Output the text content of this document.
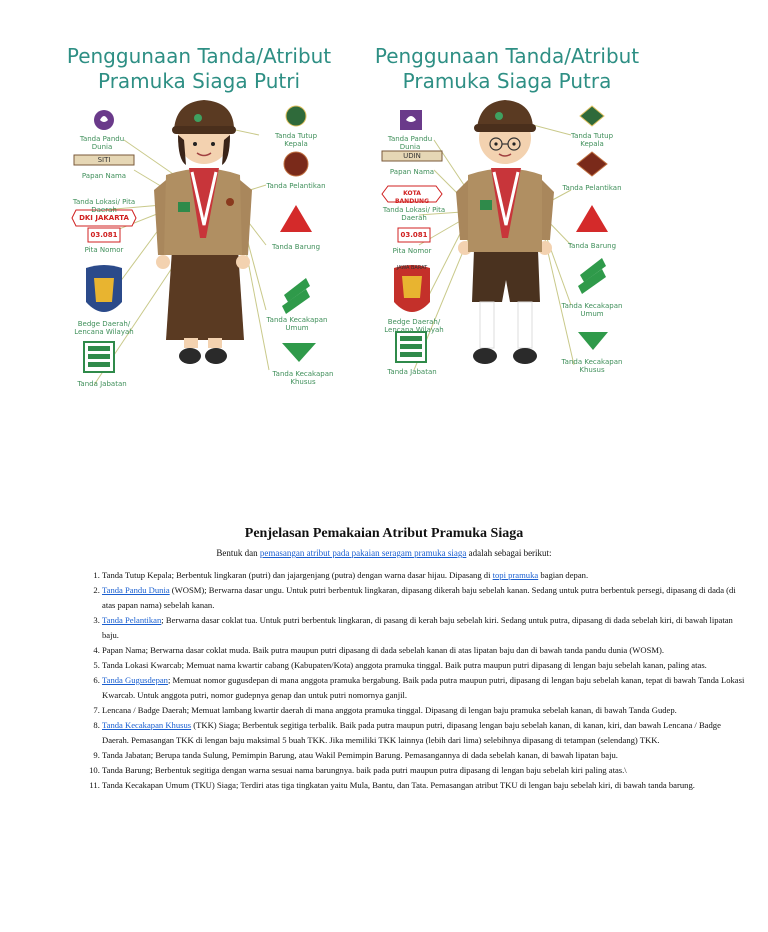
Penggunaan Tanda/Atribut
Pramuka Siaga Putri
Penggunaan Tanda/Atribut
Pramuka Siaga Putra
Tanda Pandu Dunia
SITI
Papan Nama
DKI JAKARTA
03.081
Tanda Lokasi/ Pita Daerah
Pita Nomor
Bedge Daerah/ Lencana Wilayah
Tanda Jabatan
Tanda Tutup Kepala
Tanda Pelantikan
Tanda Barung
Tanda Kecakapan Umum
Tanda Kecakapan Khusus
Tanda Pandu Dunia
UDIN
Papan Nama
KOTA BANDUNG
Tanda Lokasi/ Pita Daerah
03.081
Pita Nomor
JAWA BARAT
Bedge Daerah/ Lencana Wilayah
Tanda Jabatan
Tanda Tutup Kepala
Tanda Pelantikan
Tanda Barung
Tanda Kecakapan Umum
Tanda Kecakapan Khusus
Penjelasan Pemakaian Atribut Pramuka Siaga
Bentuk dan pemasangan atribut pada pakaian seragam pramuka siaga adalah sebagai berikut:
1. Tanda Tutup Kepala; Berbentuk lingkaran (putri) dan jajargenjang (putra) dengan warna dasar hijau. Dipasang di topi pramuka bagian depan.
2. Tanda Pandu Dunia (WOSM); Berwarna dasar ungu. Untuk putri berbentuk lingkaran, dipasang dikerah baju sebelah kanan. Sedang untuk putra berbentuk persegi, dipasang di dada (di atas papan nama) sebelah kanan.
3. Tanda Pelantikan; Berwarna dasar coklat tua. Untuk putri berbentuk lingkaran, di pasang di kerah baju sebelah kiri. Sedang untuk putra, dipasang di dada sebelah kiri, di bawah lipatan baju.
4. Papan Nama; Berwarna dasar coklat muda. Baik putra maupun putri dipasang di dada sebelah kanan di atas lipatan baju dan di bawah tanda pandu dunia (WOSM).
5. Tanda Lokasi Kwarcab; Memuat nama kwartir cabang (Kabupaten/Kota) anggota pramuka tinggal. Baik putra maupun putri dipasang di lengan baju sebelah kanan, paling atas.
6. Tanda Gugusdepan; Memuat nomor gugusdepan di mana anggota pramuka bergabung. Baik pada putra maupun putri, dipasang di lengan baju sebelah kanan, tepat di bawah Tanda Lokasi Kwarcab. Untuk anggota putri, nomor gudepnya genap dan untuk putri nomornya ganjil.
7. Lencana / Badge Daerah; Memuat lambang kwartir daerah di mana anggota pramuka tinggal. Dipasang di lengan baju pramuka sebelah kanan, di bawah Tanda Gudep.
8. Tanda Kecakapan Khusus (TKK) Siaga; Berbentuk segitiga terbalik. Baik pada putra maupun putri, dipasang lengan baju sebelah kanan, di kanan, kiri, dan bawah Lencana / Badge Daerah. Pemasangan TKK di lengan baju maksimal 5 buah TKK. Jika memiliki TKK lainnya (lebih dari lima) selebihnya dipasang di tetampan (selendang) TKK.
9. Tanda Jabatan; Berupa tanda Sulung, Pemimpin Barung, atau Wakil Pemimpin Barung. Pemasangannya di dada sebelah kanan, di bawah lipatan baju.
10. Tanda Barung; Berbentuk segitiga dengan warna sesuai nama barungnya. baik pada putri maupun putra dipasang di lengan baju sebelah kiri paling atas.\
11. Tanda Kecakapan Umum (TKU) Siaga; Terdiri atas tiga tingkatan yaitu Mula, Bantu, dan Tata. Pemasangan atribut TKU di lengan baju sebelah kiri, di bawah tanda barung.
